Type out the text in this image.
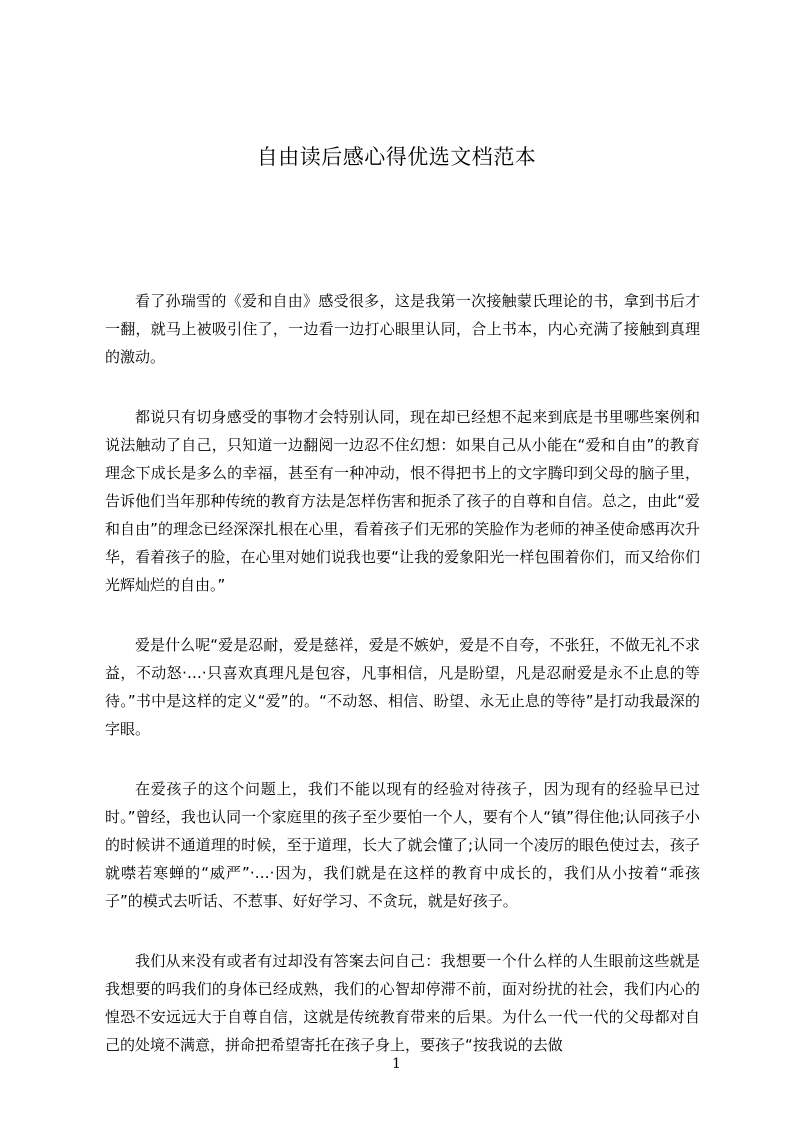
自由读后感心得优选文档范本

看了孙瑞雪的《爱和自由》感受很多，这是我第一次接触蒙氏理论的书，拿到书后才一翻，就马上被吸引住了，一边看一边打心眼里认同，合上书本，内心充满了接触到真理的激动。

都说只有切身感受的事物才会特别认同，现在却已经想不起来到底是书里哪些案例和说法触动了自己，只知道一边翻阅一边忍不住幻想：如果自己从小能在“爱和自由”的教育理念下成长是多么的幸福，甚至有一种冲动，恨不得把书上的文字腾印到父母的脑子里，告诉他们当年那种传统的教育方法是怎样伤害和扼杀了孩子的自尊和自信。总之，由此“爱和自由”的理念已经深深扎根在心里，看着孩子们无邪的笑脸作为老师的神圣使命感再次升华，看着孩子的脸，在心里对她们说我也要“让我的爱象阳光一样包围着你们，而又给你们光辉灿烂的自由。”

爱是什么呢“爱是忍耐，爱是慈祥，爱是不嫉妒，爱是不自夸，不张狂，不做无礼不求益，不动怒·…·只喜欢真理凡是包容，凡事相信，凡是盼望，凡是忍耐爱是永不止息的等待。”书中是这样的定义“爱”的。“不动怒、相信、盼望、永无止息的等待”是打动我最深的字眼。

在爱孩子的这个问题上，我们不能以现有的经验对待孩子，因为现有的经验早已过时。”曾经，我也认同一个家庭里的孩子至少要怕一个人，要有个人“镇”得住他;认同孩子小的时候讲不通道理的时候，至于道理，长大了就会懂了;认同一个凌厉的眼色使过去，孩子就噤若寒蝉的“威严”·…·因为，我们就是在这样的教育中成长的，我们从小按着“乖孩子”的模式去听话、不惹事、好好学习、不贪玩，就是好孩子。

我们从来没有或者有过却没有答案去问自己：我想要一个什么样的人生眼前这些就是我想要的吗我们的身体已经成熟，我们的心智却停滞不前，面对纷扰的社会，我们内心的惶恐不安远远大于自尊自信，这就是传统教育带来的后果。为什么一代一代的父母都对自己的处境不满意，拼命把希望寄托在孩子身上，要孩子“按我说的去做

1
